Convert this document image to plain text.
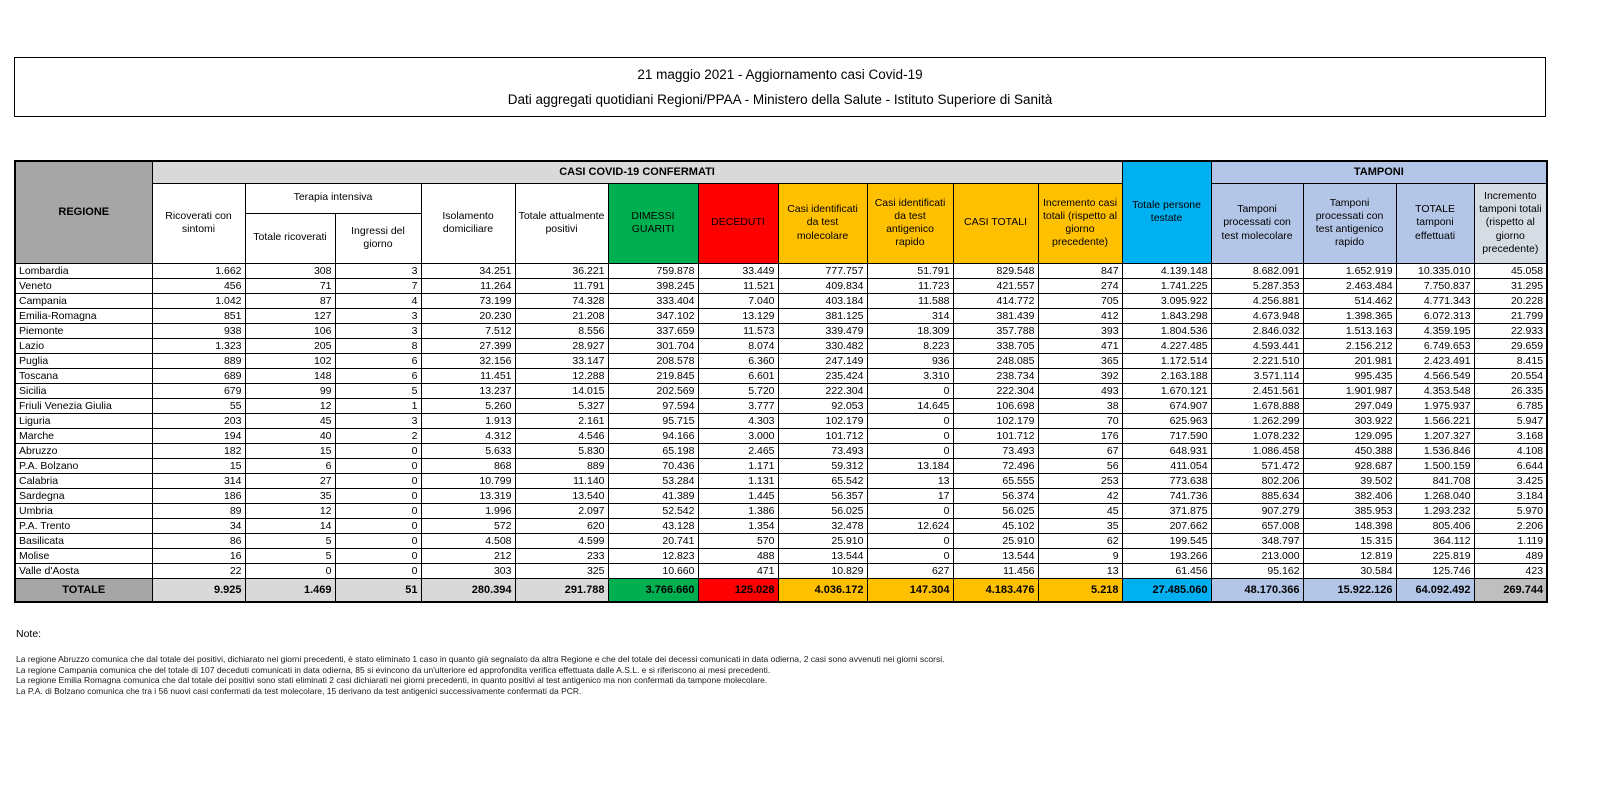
21 maggio 2021 - Aggiornamento casi Covid-19
Dati aggregati quotidiani Regioni/PPAA - Ministero della Salute - Istituto Superiore di Sanità
REGIONE	CASI COVID-19 CONFERMATI											Totale persone testate	TAMPONI			
	Ricoverati con sintomi	Terapia intensiva		Isolamento domiciliare	Totale attualmente positivi	DIMESSI GUARITI	DECEDUTI	Casi identificati da test molecolare	Casi identificati da test antigenico rapido	CASI TOTALI	Incremento casi totali (rispetto al giorno precedente)		Tamponi processati con test molecolare	Tamponi processati con test antigenico rapido	TOTALE tamponi effettuati	Incremento tamponi totali (rispetto al giorno precedente)
		Totale ricoverati	Ingressi del giorno													
Lombardia	1.662	308	3	34.251	36.221	759.878	33.449	777.757	51.791	829.548	847	4.139.148	8.682.091	1.652.919	10.335.010	45.058
Veneto	456	71	7	11.264	11.791	398.245	11.521	409.834	11.723	421.557	274	1.741.225	5.287.353	2.463.484	7.750.837	31.295
Campania	1.042	87	4	73.199	74.328	333.404	7.040	403.184	11.588	414.772	705	3.095.922	4.256.881	514.462	4.771.343	20.228
Emilia-Romagna	851	127	3	20.230	21.208	347.102	13.129	381.125	314	381.439	412	1.843.298	4.673.948	1.398.365	6.072.313	21.799
Piemonte	938	106	3	7.512	8.556	337.659	11.573	339.479	18.309	357.788	393	1.804.536	2.846.032	1.513.163	4.359.195	22.933
Lazio	1.323	205	8	27.399	28.927	301.704	8.074	330.482	8.223	338.705	471	4.227.485	4.593.441	2.156.212	6.749.653	29.659
Puglia	889	102	6	32.156	33.147	208.578	6.360	247.149	936	248.085	365	1.172.514	2.221.510	201.981	2.423.491	8.415
Toscana	689	148	6	11.451	12.288	219.845	6.601	235.424	3.310	238.734	392	2.163.188	3.571.114	995.435	4.566.549	20.554
Sicilia	679	99	5	13.237	14.015	202.569	5.720	222.304	0	222.304	493	1.670.121	2.451.561	1.901.987	4.353.548	26.335
Friuli Venezia Giulia	55	12	1	5.260	5.327	97.594	3.777	92.053	14.645	106.698	38	674.907	1.678.888	297.049	1.975.937	6.785
Liguria	203	45	3	1.913	2.161	95.715	4.303	102.179	0	102.179	70	625.963	1.262.299	303.922	1.566.221	5.947
Marche	194	40	2	4.312	4.546	94.166	3.000	101.712	0	101.712	176	717.590	1.078.232	129.095	1.207.327	3.168
Abruzzo	182	15	0	5.633	5.830	65.198	2.465	73.493	0	73.493	67	648.931	1.086.458	450.388	1.536.846	4.108
P.A. Bolzano	15	6	0	868	889	70.436	1.171	59.312	13.184	72.496	56	411.054	571.472	928.687	1.500.159	6.644
Calabria	314	27	0	10.799	11.140	53.284	1.131	65.542	13	65.555	253	773.638	802.206	39.502	841.708	3.425
Sardegna	186	35	0	13.319	13.540	41.389	1.445	56.357	17	56.374	42	741.736	885.634	382.406	1.268.040	3.184
Umbria	89	12	0	1.996	2.097	52.542	1.386	56.025	0	56.025	45	371.875	907.279	385.953	1.293.232	5.970
P.A. Trento	34	14	0	572	620	43.128	1.354	32.478	12.624	45.102	35	207.662	657.008	148.398	805.406	2.206
Basilicata	86	5	0	4.508	4.599	20.741	570	25.910	0	25.910	62	199.545	348.797	15.315	364.112	1.119
Molise	16	5	0	212	233	12.823	488	13.544	0	13.544	9	193.266	213.000	12.819	225.819	489
Valle d'Aosta	22	0	0	303	325	10.660	471	10.829	627	11.456	13	61.456	95.162	30.584	125.746	423
TOTALE	9.925	1.469	51	280.394	291.788	3.766.660	125.028	4.036.172	147.304	4.183.476	5.218	27.485.060	48.170.366	15.922.126	64.092.492	269.744
Note:
La regione Abruzzo comunica che dal totale dei positivi, dichiarato nei giorni precedenti, è stato eliminato 1 caso in quanto già segnalato da altra Regione e che del totale dei decessi comunicati in data odierna, 2 casi sono avvenuti nei giorni scorsi.
La regione Campania comunica che del totale di 107 deceduti comunicati in data odierna, 85 si evincono da un'ulteriore ed approfondita verifica effettuata dalle A.S.L. e si riferiscono ai mesi precedenti.
La regione Emilia Romagna comunica che dal totale dei positivi sono stati eliminati 2 casi dichiarati nei giorni precedenti, in quanto positivi al test antigenico ma non confermati da tampone molecolare.
La P.A. di Bolzano comunica che tra i 56 nuovi casi confermati da test molecolare, 15 derivano da test antigenici successivamente confermati da PCR.
